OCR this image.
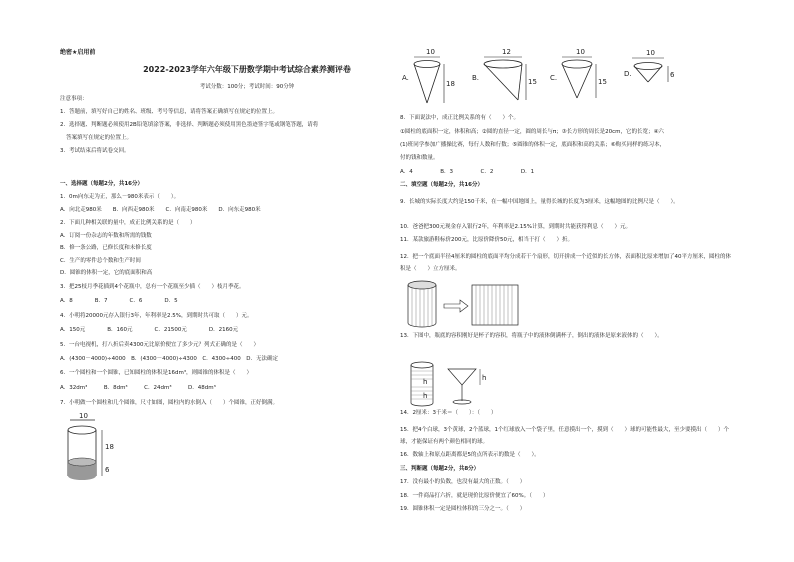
绝密★启用前
2022-2023学年六年级下册数学期中考试综合素养测评卷
考试分数：100分；考试时间：90分钟
注意事项：
1．答题前，填写好自己的姓名、班级、考号等信息，请将答案正确填写在规定的位置上。
2．选择题、判断题必须使用2B铅笔填涂答案，非选择、判断题必须使用黑色墨迹签字笔或钢笔答题，请将
答案填写在规定的位置上。
3．考试结束后将试卷交回。
一、选择题（每题2分，共16分）
1．0m向东走为正，那么－980米表示（　　）。
A．向北走980米　　B．向西走980米　　C．向南走980米　　D．向东走980米
2．下面几种相关联的量中，成正比例关系的是（　　）
A．订阅一份杂志的年数和所需的钱数
B．修一条公路，已修长度和未修长度
C．生产的零件总个数和生产时间
D．圆锥的体积一定，它的底面积和高
3．把25枝月季花插到4个花瓶中，总有一个花瓶至少插（　　）枝月季花。
A．8　　　　B．7　　　　C．6　　　　D．5
4．小明将20000元存入银行3年，年利率是2.5%，到期时共可取（　　）元。
A．150元　　　　B．160元　　　　C．21500元　　　　D．2160元
5．一台电视机，打八折后卖4300元比原价便宜了多少元？列式正确的是（　　）
A．(4300－4000)÷4000　B．(4300－4000)÷4300　C．4300÷400　D．无法确定
6．一个圆柱和一个圆锥，已知圆柱的体积是16dm³，则圆锥的体积是（　　）
A．32dm³　　　B．8dm³　　　C．24dm³　　　D．48dm³
7．小明做一个圆柱和几个圆锥，尺寸如图，圆柱内的水倒入（　　）个圆锥，正好倒满。
10
18
6
A.
10
18
B.
12
15 C.
10
15
D.
10
6
8．下面说法中，成正比例关系的有（　　）个。
①圆柱的底面积一定，体积和高；②圆的直径一定，圆的周长与π；③长方形的周长是20cm，它的长宽；④六
(1)班同学参加广播操比赛，每行人数和行数；⑤圆锥的体积一定，底面积和高的关系；⑥购买同样的练习本，
付的钱和数量。
A．4　　　　　B．3　　　　　C．2　　　　　D．1
二、填空题（每题2分，共16分）
9．长城的实际长度大约是150千米，在一幅中国地图上，量得长城的长度为3厘米，这幅地图的比例尺是（　　）。
10．爸爸把300元现金存入银行2年，年利率是2.15%计算，到期时共能获得利息（　　）元。
11．某款旅游鞋标价200元，比原价降价50元，相当于打（　　）折。
12．把一个底面半径4厘米的圆柱的底面平均分成若干个扇形，切开拼成一个近似的长方体，表面积比原来增加了40平方厘米，圆柱的体积是（　　）立方厘米。
13．下图中，瓶底的容积刚好是杯子的容积，将瓶子中的液体倒满杯子，倒出的液体是原来液体的（　　）。
h
h
h
14．2厘米：3千米＝（　　）：（　　）
15．把4个白球，3个黄球，2个蓝球，1个红球放入一个袋子里，任意摸出一个，摸到（　　）球的可能性最大，至少要摸出（　　）个球，才能保证有两个颜色相同的球。
16．数轴上和原点距离都是5的点所表示的数是（　　）。
三、判断题（每题2分，共8分）
17．没有最小的负数，也没有最大的正数。（　　）
18．一件商品打六折，就是现价比原价便宜了60%。（　　）
19．圆锥体积一定是圆柱体积的三分之一。（　　）
